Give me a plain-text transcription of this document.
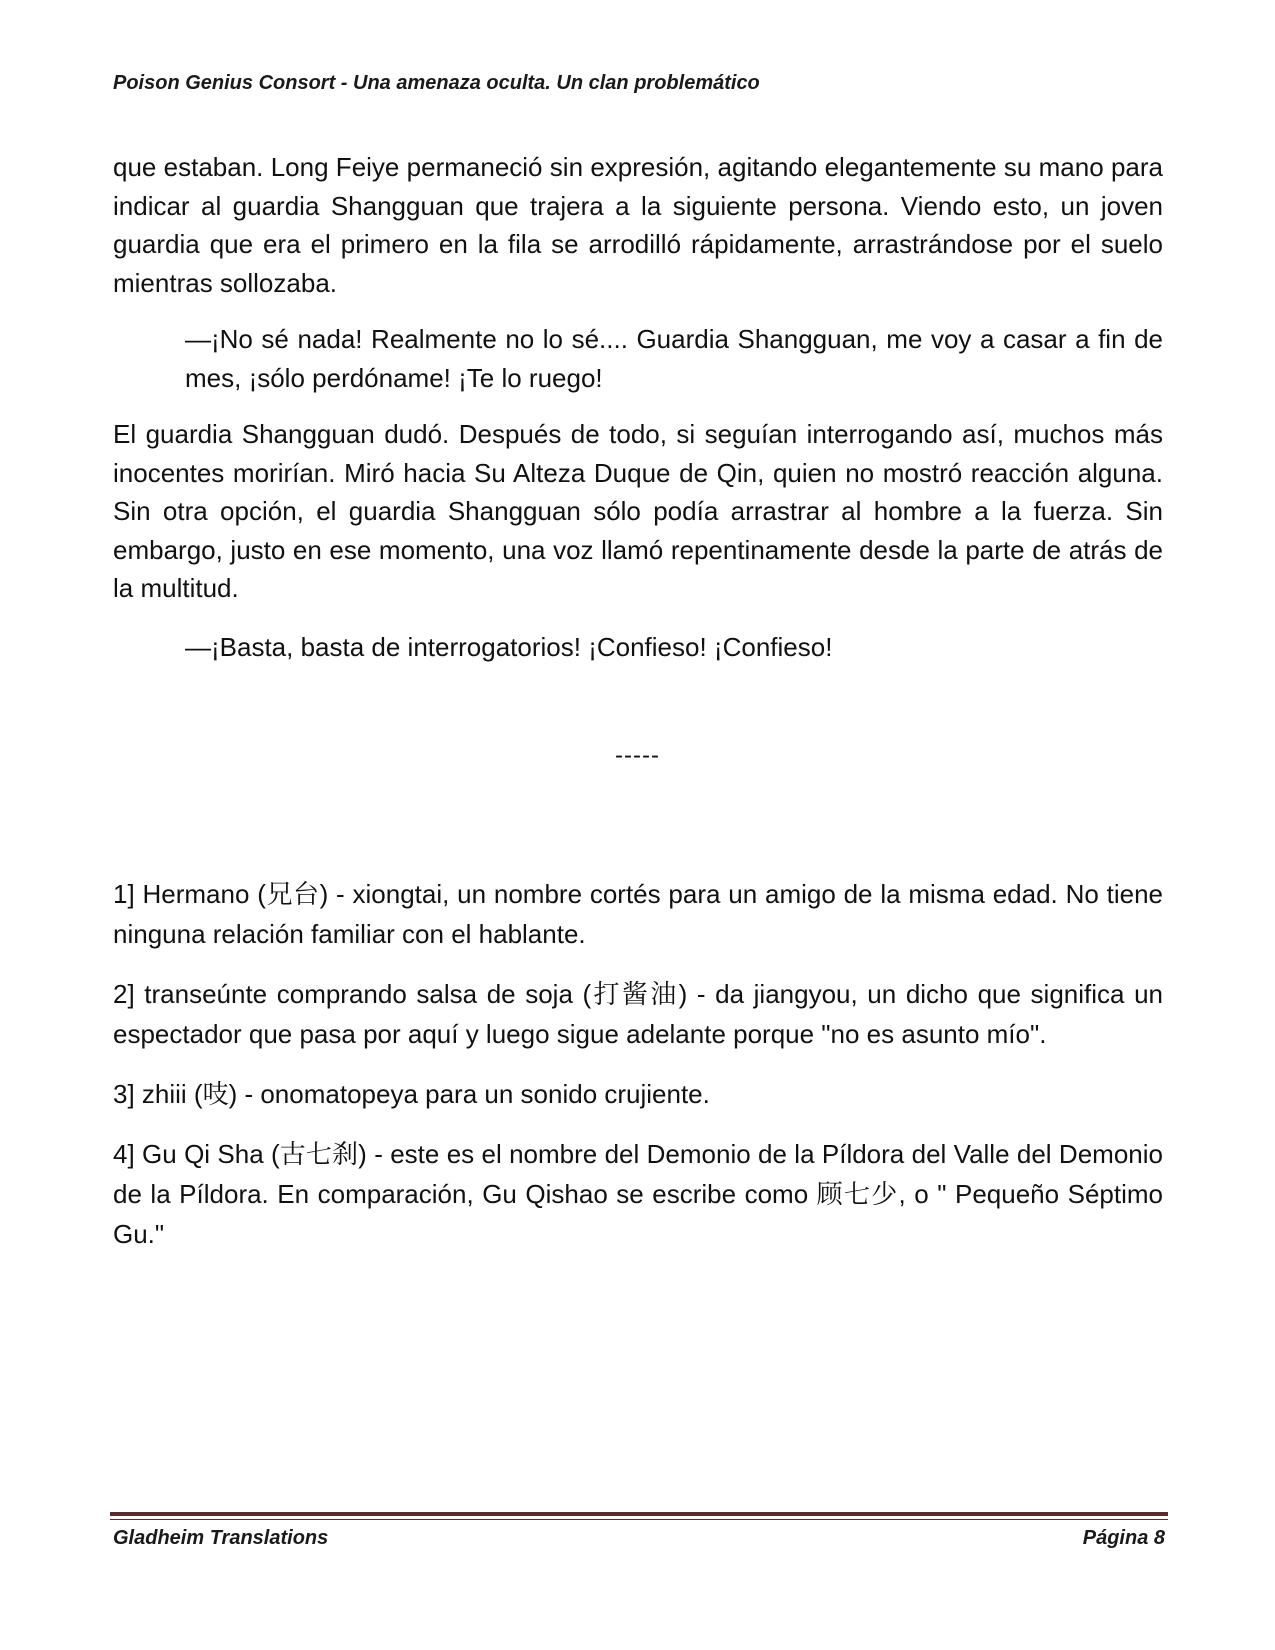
Poison Genius Consort - Una amenaza oculta. Un clan problemático

que estaban. Long Feiye permaneció sin expresión, agitando elegantemente su mano para indicar al guardia Shangguan que trajera a la siguiente persona. Viendo esto, un joven guardia que era el primero en la fila se arrodilló rápidamente, arrastrándose por el suelo mientras sollozaba.

—¡No sé nada! Realmente no lo sé.... Guardia Shangguan, me voy a casar a fin de mes, ¡sólo perdóname! ¡Te lo ruego!

El guardia Shangguan dudó. Después de todo, si seguían interrogando así, muchos más inocentes morirían. Miró hacia Su Alteza Duque de Qin, quien no mostró reacción alguna. Sin otra opción, el guardia Shangguan sólo podía arrastrar al hombre a la fuerza. Sin embargo, justo en ese momento, una voz llamó repentinamente desde la parte de atrás de la multitud.

—¡Basta, basta de interrogatorios! ¡Confieso! ¡Confieso!

-----

1] Hermano (兄台) - xiongtai, un nombre cortés para un amigo de la misma edad. No tiene ninguna relación familiar con el hablante.

2] transeúnte comprando salsa de soja (打酱油) - da jiangyou, un dicho que significa un espectador que pasa por aquí y luego sigue adelante porque "no es asunto mío".

3] zhiii (吱) - onomatopeya para un sonido crujiente.

4] Gu Qi Sha (古七刹) - este es el nombre del Demonio de la Píldora del Valle del Demonio de la Píldora. En comparación, Gu Qishao se escribe como 顾七少, o " Pequeño Séptimo Gu."

Gladheim Translations	Página 8
